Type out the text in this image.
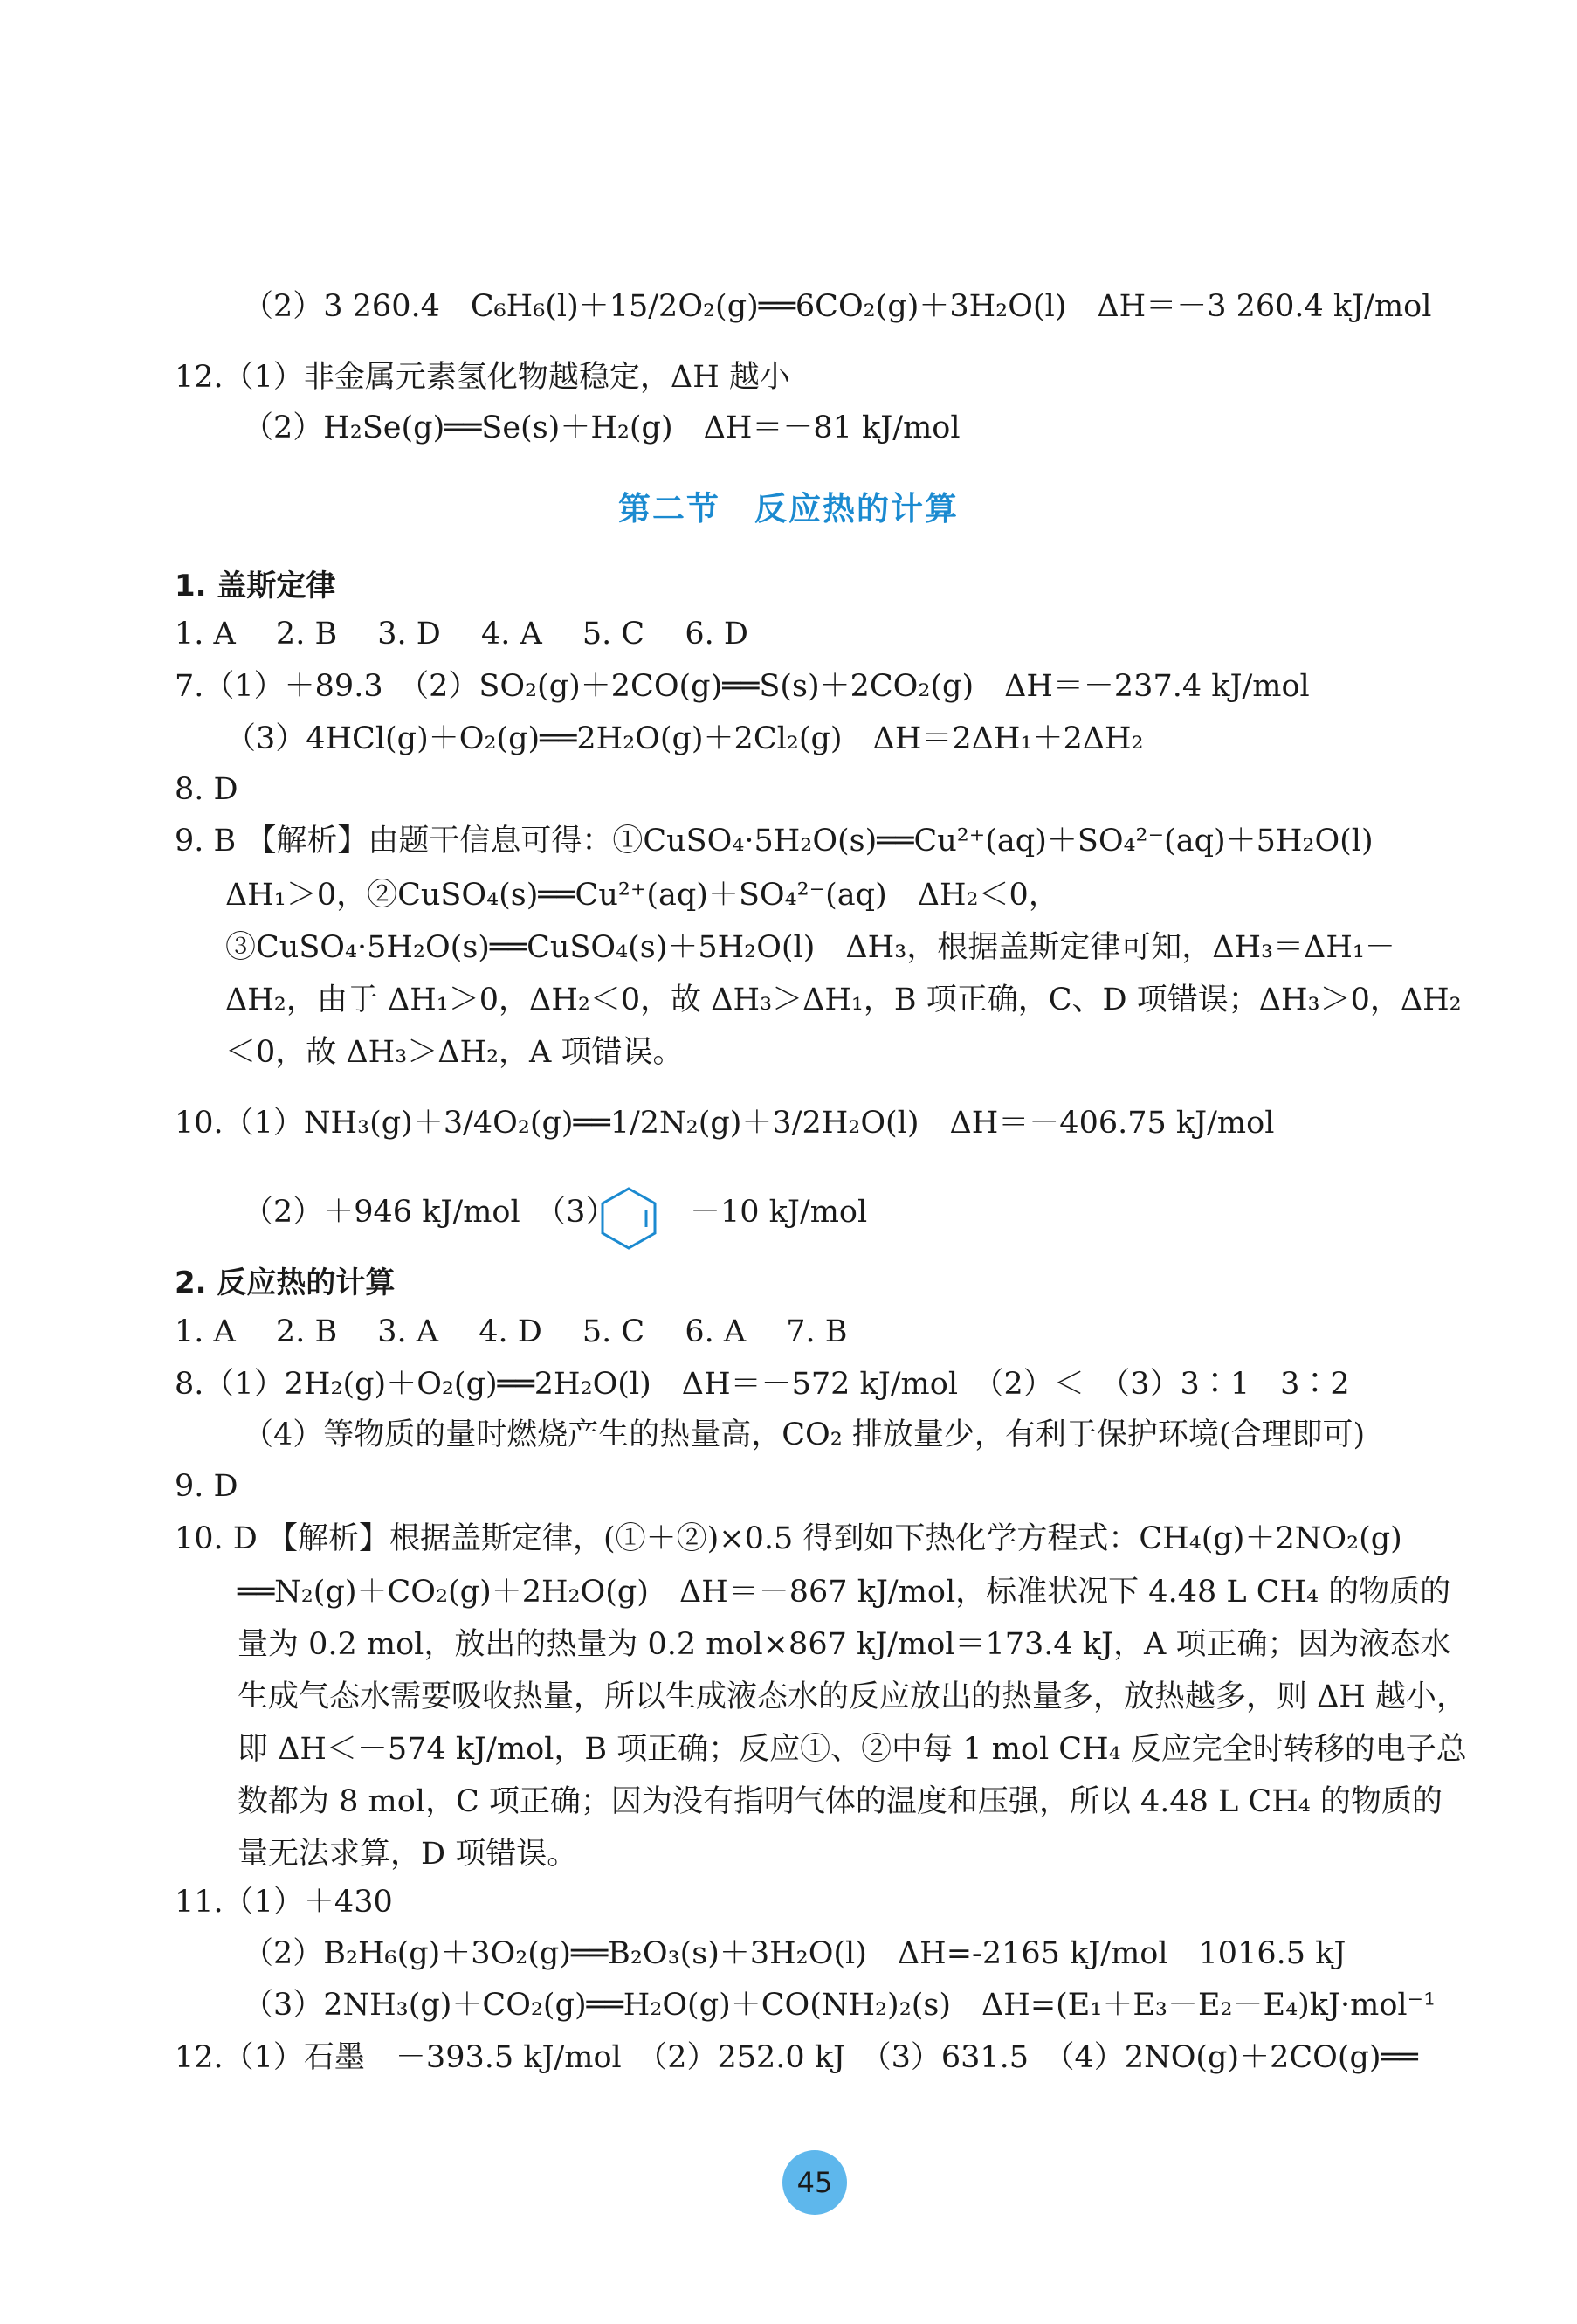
（2）3 260.4　C₆H₆(l)＋15/2O₂(g)══6CO₂(g)＋3H₂O(l)　ΔH＝－3 260.4 kJ/mol
12.（1）非金属元素氢化物越稳定，ΔH 越小
（2）H₂Se(g)══Se(s)＋H₂(g)　ΔH＝－81 kJ/mol
第二节　反应热的计算
1. 盖斯定律
1. A　 2. B　 3. D　 4. A　 5. C　 6. D
7.（1）＋89.3　（2）SO₂(g)＋2CO(g)══S(s)＋2CO₂(g)　ΔH＝－237.4 kJ/mol
（3）4HCl(g)＋O₂(g)══2H₂O(g)＋2Cl₂(g)　ΔH＝2ΔH₁＋2ΔH₂
8. D
9. B 【解析】由题干信息可得：①CuSO₄·5H₂O(s)══Cu²⁺(aq)＋SO₄²⁻(aq)＋5H₂O(l)
ΔH₁＞0，②CuSO₄(s)══Cu²⁺(aq)＋SO₄²⁻(aq)　ΔH₂＜0，③CuSO₄·5H₂O(s)══CuSO₄(s)＋5H₂O(l)　ΔH₃，根据盖斯定律可知，ΔH₃＝ΔH₁－ΔH₂，由于 ΔH₁＞0，ΔH₂＜0，故 ΔH₃＞ΔH₁，B 项正确，C、D 项错误；ΔH₃＞0，ΔH₂＜0，故 ΔH₃＞ΔH₂，A 项错误。
10.（1）NH₃(g)＋3/4O₂(g)══1/2N₂(g)＋3/2H₂O(l)　ΔH＝－406.75 kJ/mol
（2）＋946 kJ/mol　（3）	－10 kJ/mol
2. 反应热的计算
1. A　 2. B　 3. A　 4. D　 5. C　 6. A　 7. B
8.（1）2H₂(g)＋O₂(g)══2H₂O(l)　ΔH＝－572 kJ/mol　（2）＜　（3）3∶1　3∶2
（4）等物质的量时燃烧产生的热量高，CO₂ 排放量少，有利于保护环境(合理即可)
9. D
10. D 【解析】根据盖斯定律，(①＋②)×0.5 得到如下热化学方程式：CH₄(g)＋2NO₂(g)
══N₂(g)＋CO₂(g)＋2H₂O(g)　ΔH＝－867 kJ/mol，标准状况下 4.48 L CH₄ 的物质的量为 0.2 mol，放出的热量为 0.2 mol×867 kJ/mol＝173.4 kJ，A 项正确；因为液态水生成气态水需要吸收热量，所以生成液态水的反应放出的热量多，放热越多，则 ΔH 越小，即 ΔH＜－574 kJ/mol，B 项正确；反应①、②中每 1 mol CH₄ 反应完全时转移的电子总数都为 8 mol，C 项正确；因为没有指明气体的温度和压强，所以 4.48 L CH₄ 的物质的量无法求算，D 项错误。
11.（1）＋430
（2）B₂H₆(g)＋3O₂(g)══B₂O₃(s)＋3H₂O(l)　ΔH=-2165 kJ/mol　1016.5 kJ
（3）2NH₃(g)＋CO₂(g)══H₂O(g)＋CO(NH₂)₂(s)　ΔH=(E₁＋E₃－E₂－E₄)kJ·mol⁻¹
12.（1）石墨　－393.5 kJ/mol　（2）252.0 kJ　（3）631.5　（4）2NO(g)＋2CO(g)══
45
